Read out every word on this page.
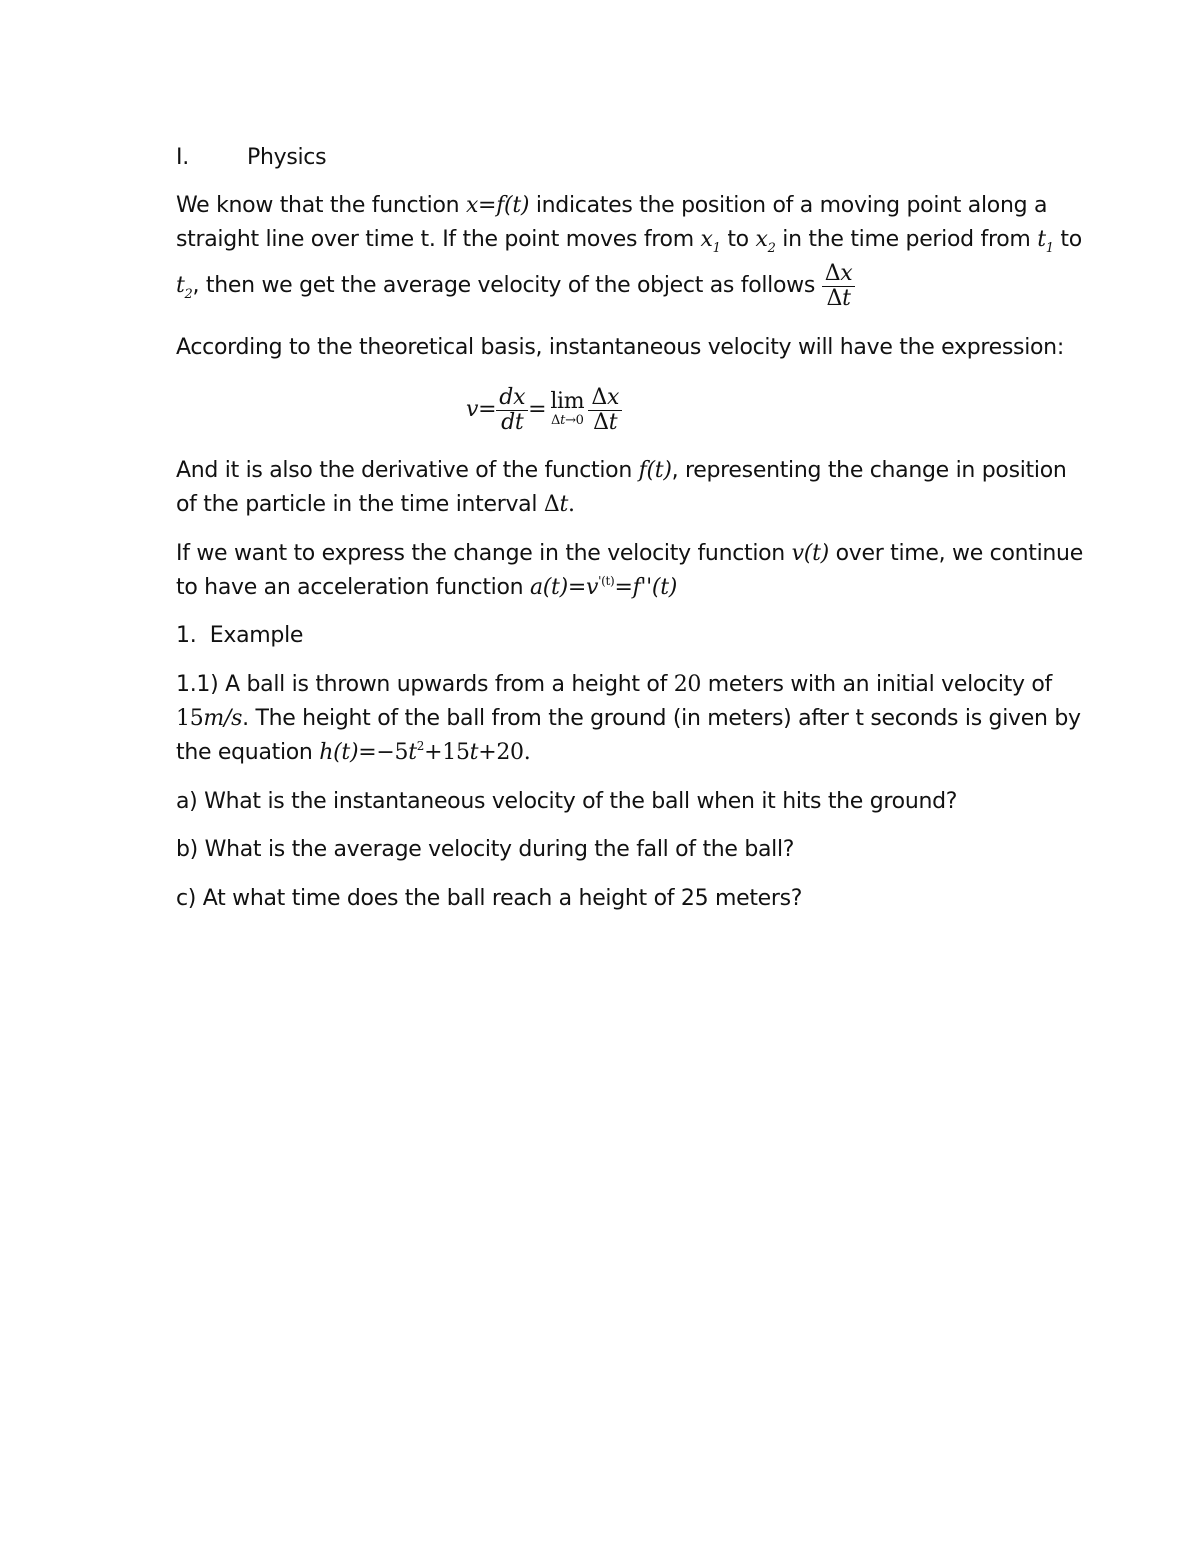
I.	Physics
We know that the function x=f(t) indicates the position of a moving point along a
straight line over time t. If the point moves from $x_1$ to $x_2$ in the time period from $t_1$ to
$t_2$, then we get the average velocity of the object as follows $\frac{\Delta x}{\Delta t}$
According to the theoretical basis, instantaneous velocity will have the expression:
$v= \frac{dx}{dt} = \lim$
$\Delta t\to 0 \frac{\Delta x}{\Delta t}$
And it is also the derivative of the function f(t), representing the change in position
of the particle in the time interval Δt.
If we want to express the change in the velocity function v(t) over time, we continue
to have an acceleration function $a(t)=v^{'(t)}=f''(t)$
1. Example
1.1) A ball is thrown upwards from a height of 20 meters with an initial velocity of
15m/s. The height of the ball from the ground (in meters) after t seconds is given by
the equation $h(t)=-5t^2+15t+20$.
a) What is the instantaneous velocity of the ball when it hits the ground?
b) What is the average velocity during the fall of the ball?
c) At what time does the ball reach a height of 25 meters?
